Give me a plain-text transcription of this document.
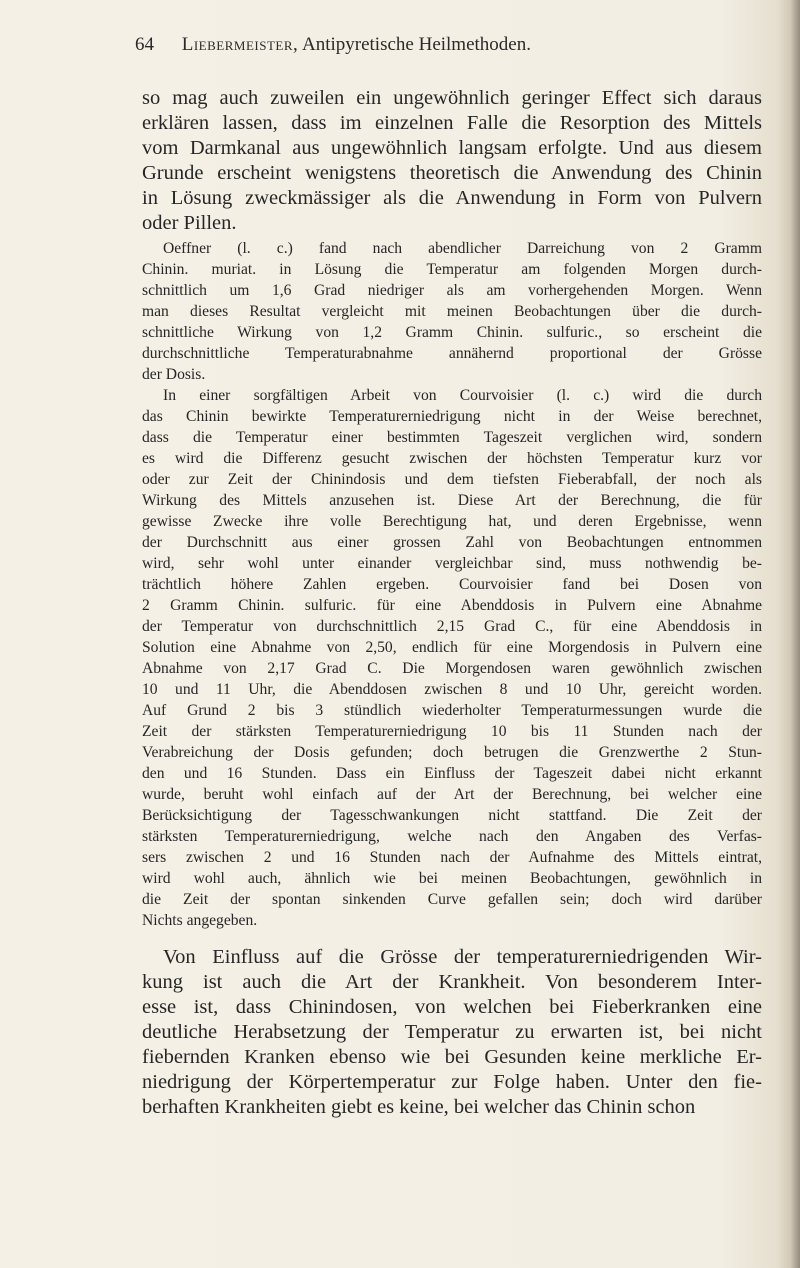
64 Liebermeister, Antipyretische Heilmethoden.
so mag auch zuweilen ein ungewöhnlich geringer Effect sich daraus
erklären lassen, dass im einzelnen Falle die Resorption des Mittels
vom Darmkanal aus ungewöhnlich langsam erfolgte. Und aus diesem
Grunde erscheint wenigstens theoretisch die Anwendung des Chinin
in Lösung zweckmässiger als die Anwendung in Form von Pulvern
oder Pillen.
Oeffner (l. c.) fand nach abendlicher Darreichung von 2 Gramm
Chinin. muriat. in Lösung die Temperatur am folgenden Morgen durch-
schnittlich um 1,6 Grad niedriger als am vorhergehenden Morgen. Wenn
man dieses Resultat vergleicht mit meinen Beobachtungen über die durch-
schnittliche Wirkung von 1,2 Gramm Chinin. sulfuric., so erscheint die
durchschnittliche Temperaturabnahme annähernd proportional der Grösse
der Dosis.
In einer sorgfältigen Arbeit von Courvoisier (l. c.) wird die durch
das Chinin bewirkte Temperaturerniedrigung nicht in der Weise berechnet,
dass die Temperatur einer bestimmten Tageszeit verglichen wird, sondern
es wird die Differenz gesucht zwischen der höchsten Temperatur kurz vor
oder zur Zeit der Chinindosis und dem tiefsten Fieberabfall, der noch als
Wirkung des Mittels anzusehen ist. Diese Art der Berechnung, die für
gewisse Zwecke ihre volle Berechtigung hat, und deren Ergebnisse, wenn
der Durchschnitt aus einer grossen Zahl von Beobachtungen entnommen
wird, sehr wohl unter einander vergleichbar sind, muss nothwendig be-
trächtlich höhere Zahlen ergeben. Courvoisier fand bei Dosen von
2 Gramm Chinin. sulfuric. für eine Abenddosis in Pulvern eine Abnahme
der Temperatur von durchschnittlich 2,15 Grad C., für eine Abenddosis in
Solution eine Abnahme von 2,50, endlich für eine Morgendosis in Pulvern eine
Abnahme von 2,17 Grad C. Die Morgendosen waren gewöhnlich zwischen
10 und 11 Uhr, die Abenddosen zwischen 8 und 10 Uhr, gereicht worden.
Auf Grund 2 bis 3 stündlich wiederholter Temperaturmessungen wurde die
Zeit der stärksten Temperaturerniedrigung 10 bis 11 Stunden nach der
Verabreichung der Dosis gefunden; doch betrugen die Grenzwerthe 2 Stun-
den und 16 Stunden. Dass ein Einfluss der Tageszeit dabei nicht erkannt
wurde, beruht wohl einfach auf der Art der Berechnung, bei welcher eine
Berücksichtigung der Tagesschwankungen nicht stattfand. Die Zeit der
stärksten Temperaturerniedrigung, welche nach den Angaben des Verfas-
sers zwischen 2 und 16 Stunden nach der Aufnahme des Mittels eintrat,
wird wohl auch, ähnlich wie bei meinen Beobachtungen, gewöhnlich in
die Zeit der spontan sinkenden Curve gefallen sein; doch wird darüber
Nichts angegeben.
Von Einfluss auf die Grösse der temperaturerniedrigenden Wir-
kung ist auch die Art der Krankheit. Von besonderem Inter-
esse ist, dass Chinindosen, von welchen bei Fieberkranken eine
deutliche Herabsetzung der Temperatur zu erwarten ist, bei nicht
fiebernden Kranken ebenso wie bei Gesunden keine merkliche Er-
niedrigung der Körpertemperatur zur Folge haben. Unter den fie-
berhaften Krankheiten giebt es keine, bei welcher das Chinin schon
